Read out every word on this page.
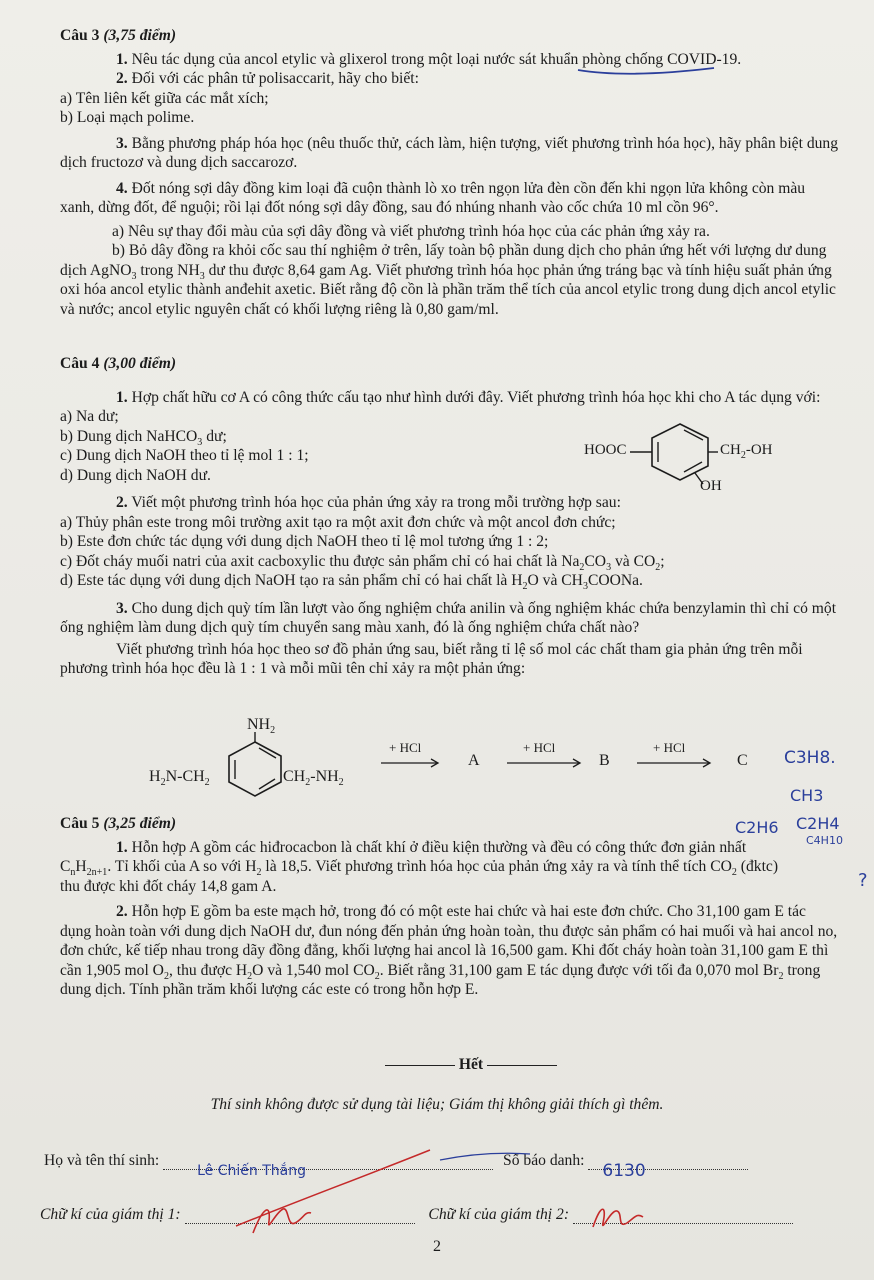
Câu 3 (3,75 điểm)
1. Nêu tác dụng của ancol etylic và glixerol trong một loại nước sát khuẩn phòng chống COVID-19.
2. Đối với các phân tử polisaccarit, hãy cho biết:
a) Tên liên kết giữa các mắt xích;
b) Loại mạch polime.
3. Bằng phương pháp hóa học (nêu thuốc thử, cách làm, hiện tượng, viết phương trình hóa học), hãy phân biệt dung dịch fructozơ và dung dịch saccarozơ.
4. Đốt nóng sợi dây đồng kim loại đã cuộn thành lò xo trên ngọn lửa đèn cồn đến khi ngọn lửa không còn màu xanh, dừng đốt, để nguội; rồi lại đốt nóng sợi dây đồng, sau đó nhúng nhanh vào cốc chứa 10 ml cồn 96°.
a) Nêu sự thay đổi màu của sợi dây đồng và viết phương trình hóa học của các phản ứng xảy ra.
b) Bỏ dây đồng ra khỏi cốc sau thí nghiệm ở trên, lấy toàn bộ phần dung dịch cho phản ứng hết với lượng dư dung dịch AgNO$_3$ trong $NH_3$ dư thu được 8,64 gam Ag. Viết phương trình hóa học phản ứng tráng bạc và tính hiệu suất phản ứng oxi hóa ancol etylic thành anđehit axetic. Biết rằng độ cồn là phần trăm thể tích của ancol etylic trong dung dịch ancol etylic và nước; ancol etylic nguyên chất có khối lượng riêng là 0,80 gam/ml.
Câu 4 (3,00 điểm)
1. Hợp chất hữu cơ A có công thức cấu tạo như hình dưới đây. Viết phương trình hóa học khi cho A tác dụng với:
a) Na dư;
b) Dung dịch NaHCO$_3$ dư;
c) Dung dịch NaOH theo tỉ lệ mol 1 : 1;
d) Dung dịch NaOH dư.
2. Viết một phương trình hóa học của phản ứng xảy ra trong mỗi trường hợp sau:
a) Thủy phân este trong môi trường axit tạo ra một axit đơn chức và một ancol đơn chức;
b) Este đơn chức tác dụng với dung dịch NaOH theo tỉ lệ mol tương ứng 1 : 2;
c) Đốt cháy muối natri của axit cacboxylic thu được sản phẩm chỉ có hai chất là $Na_2CO_3$ và $CO_2$;
d) Este tác dụng với dung dịch NaOH tạo ra sản phẩm chỉ có hai chất là $H_2O$ và $CH_3COONa$.
3. Cho dung dịch quỳ tím lần lượt vào ống nghiệm chứa anilin và ống nghiệm khác chứa benzylamin thì chỉ có một ống nghiệm làm dung dịch quỳ tím chuyển sang màu xanh, đó là ống nghiệm chứa chất nào?
Viết phương trình hóa học theo sơ đồ phản ứng sau, biết rằng tỉ lệ số mol các chất tham gia phản ứng trên mỗi phương trình hóa học đều là 1 : 1 và mỗi mũi tên chỉ xảy ra một phản ứng:
HOOC	$CH_2-OH$
OH
$NH_2$
$H_2N-CH_2$	$CH_2-NH_2$
+ HCl
A
+ HCl
B
+ HCl
C C3H8.
CH3
C2H6 C2H4
C4H10
?
Câu 5 (3,25 điểm)
1. Hỗn hợp A gồm các hiđrocacbon là chất khí ở điều kiện thường và đều có công thức đơn giản nhất $C_nH_{2n+1}$. Tỉ khối của A so với $H_2$ là 18,5. Viết phương trình hóa học của phản ứng xảy ra và tính thể tích $CO_2$ (đktc) thu được khi đốt cháy 14,8 gam A.
2. Hỗn hợp E gồm ba este mạch hở, trong đó có một este hai chức và hai este đơn chức. Cho 31,100 gam E tác dụng hoàn toàn với dung dịch NaOH dư, đun nóng đến phản ứng hoàn toàn, thu được sản phẩm có hai muối và hai ancol no, đơn chức, kế tiếp nhau trong dãy đồng đẳng, khối lượng hai ancol là 16,500 gam. Khi đốt cháy hoàn toàn 31,100 gam E thì cần 1,905 mol $O_2$, thu được $H_2O$ và 1,540 mol $CO_2$. Biết rằng 31,100 gam E tác dụng được với tối đa 0,070 mol $Br_2$ trong dung dịch. Tính phần trăm khối lượng các este có trong hỗn hợp E.
Hết
Thí sinh không được sử dụng tài liệu; Giám thị không giải thích gì thêm.
Họ và tên thí sinh:
Lê Chiến Thắng
Số báo danh:
6130
Chữ kí của giám thị 1:	Chữ kí của giám thị 2:
2
